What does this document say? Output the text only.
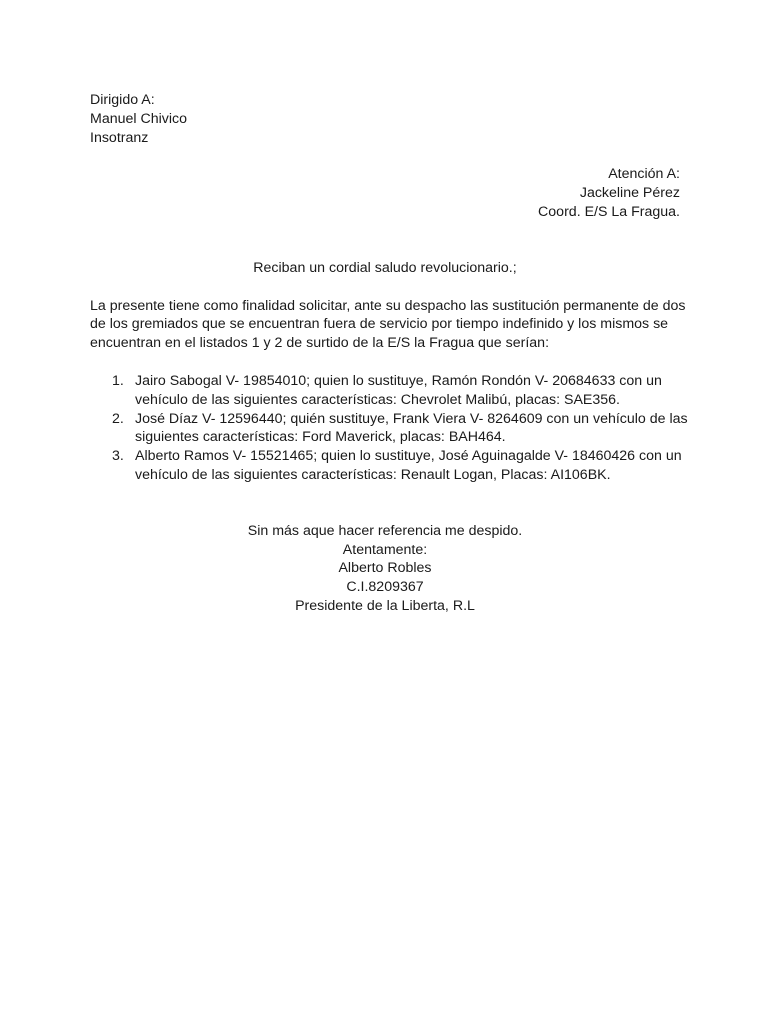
Dirigido A:
Manuel Chivico
Insotranz
Atención A:
Jackeline Pérez
Coord. E/S La Fragua.
Reciban un cordial saludo revolucionario.;
La presente tiene como finalidad solicitar, ante su despacho las sustitución permanente de dos
de los gremiados que se encuentran fuera de servicio por tiempo indefinido y los mismos se
encuentran en el listados 1 y 2 de surtido de la E/S la Fragua que serían:
1. Jairo Sabogal V- 19854010; quien lo sustituye, Ramón Rondón V- 20684633 con un
vehículo de las siguientes características: Chevrolet Malibú, placas: SAE356.
2. José Díaz V- 12596440; quién sustituye, Frank Viera V- 8264609 con un vehículo de las
siguientes características: Ford Maverick, placas: BAH464.
3. Alberto Ramos V- 15521465; quien lo sustituye, José Aguinagalde V- 18460426 con un
vehículo de las siguientes características: Renault Logan, Placas: AI106BK.
Sin más aque hacer referencia me despido.
Atentamente:
Alberto Robles
C.I.8209367
Presidente de la Liberta, R.L
